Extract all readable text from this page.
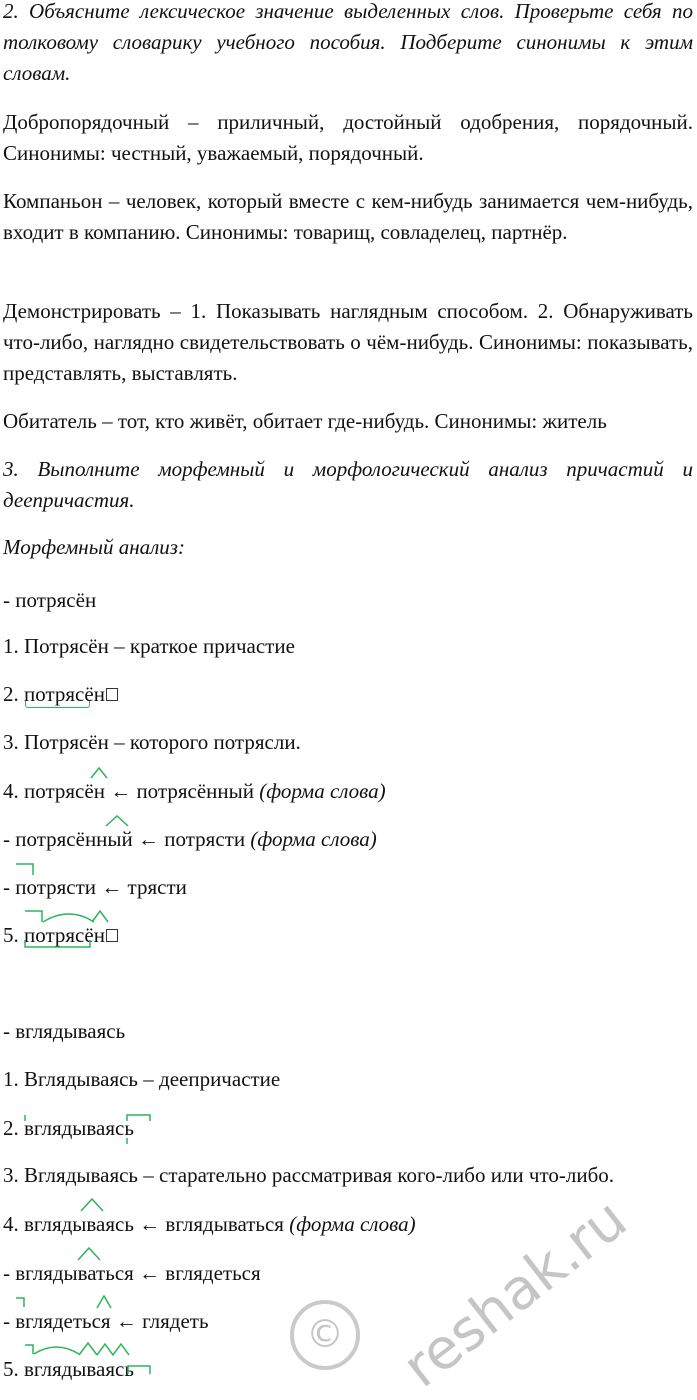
2. Объясните лексическое значение выделенных слов. Проверьте себя по толковому словарику учебного пособия. Подберите синонимы к этим словам.

Добропорядочный – приличный, достойный одобрения, порядочный. Синонимы: честный, уважаемый, порядочный.

Компаньон – человек, который вместе с кем-нибудь занимается чем-нибудь, входит в компанию. Синонимы: товарищ, совладелец, партнёр.

Демонстрировать – 1. Показывать наглядным способом. 2. Обнаруживать что-либо, наглядно свидетельствовать о чём-нибудь. Синонимы: показывать, представлять, выставлять.

Обитатель – тот, кто живёт, обитает где-нибудь. Синонимы: житель

3. Выполните морфемный и морфологический анализ причастий и деепричастия.

Морфемный анализ:

- потрясён

1. Потрясён – краткое причастие

2. потрясён

3. Потрясён – которого потрясли.

4. потрясён
← потрясённый (форма слова)

- потрясённый
← потрясти (форма слова)

- потрясти
← трясти

5. потрясён

- вглядываясь

1. Вглядываясь – деепричастие

2. вглядываясь

3. Вглядываясь – старательно рассматривая кого-либо или что-либо.

4. вглядываясь
← вглядываться (форма слова)

- вглядываться
← вглядеться

- вглядеться
← глядеть

5. вглядываясь	reshak.ru
©
